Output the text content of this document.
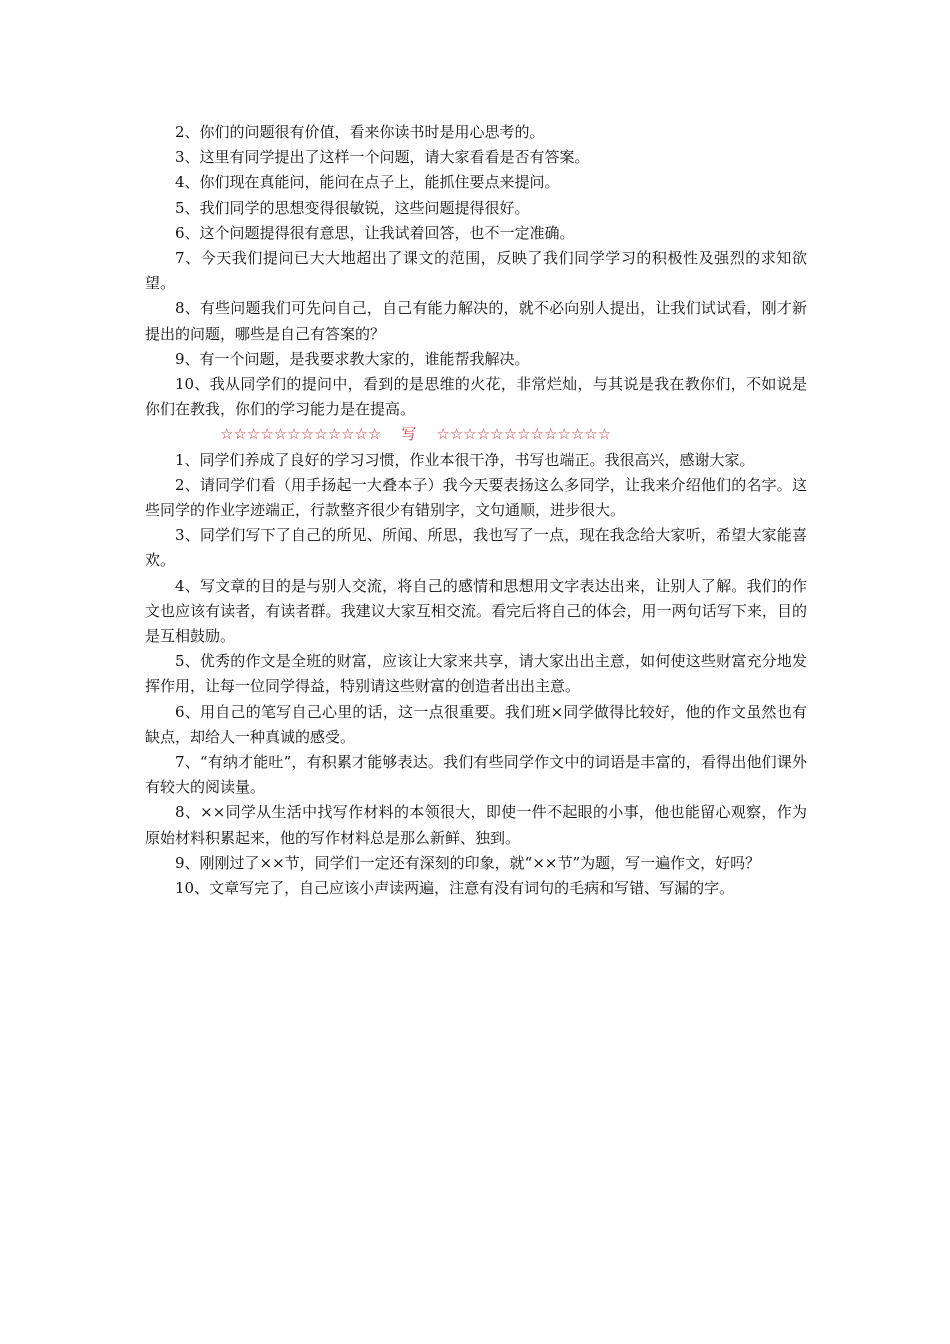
2、你们的问题很有价值，看来你读书时是用心思考的。

3、这里有同学提出了这样一个问题，请大家看看是否有答案。

4、你们现在真能问，能问在点子上，能抓住要点来提问。

5、我们同学的思想变得很敏锐，这些问题提得很好。

6、这个问题提得很有意思，让我试着回答，也不一定准确。

7、今天我们提问已大大地超出了课文的范围，反映了我们同学学习的积极性及强烈的求知欲望。

8、有些问题我们可先问自己，自己有能力解决的，就不必向别人提出，让我们试试看，刚才新提出的问题，哪些是自己有答案的？

9、有一个问题，是我要求教大家的，谁能帮我解决。

10、我从同学们的提问中，看到的是思维的火花，非常烂灿，与其说是我在教你们，不如说是你们在教我，你们的学习能力是在提高。

☆☆☆☆☆☆☆☆☆☆☆☆ 写 ☆☆☆☆☆☆☆☆☆☆☆☆☆

1、同学们养成了良好的学习习惯，作业本很干净，书写也端正。我很高兴，感谢大家。

2、请同学们看（用手扬起一大叠本子）我今天要表扬这么多同学，让我来介绍他们的名字。这些同学的作业字迹端正，行款整齐很少有错别字，文句通顺，进步很大。

3、同学们写下了自己的所见、所闻、所思，我也写了一点，现在我念给大家听，希望大家能喜欢。

4、写文章的目的是与别人交流，将自己的感情和思想用文字表达出来，让别人了解。我们的作文也应该有读者，有读者群。我建议大家互相交流。看完后将自己的体会，用一两句话写下来，目的是互相鼓励。

5、优秀的作文是全班的财富，应该让大家来共享，请大家出出主意，如何使这些财富充分地发挥作用，让每一位同学得益，特别请这些财富的创造者出出主意。

6、用自己的笔写自己心里的话，这一点很重要。我们班×同学做得比较好，他的作文虽然也有缺点，却给人一种真诚的感受。

7、“有纳才能吐”，有积累才能够表达。我们有些同学作文中的词语是丰富的，看得出他们课外有较大的阅读量。

8、××同学从生活中找写作材料的本领很大，即使一件不起眼的小事，他也能留心观察，作为原始材料积累起来，他的写作材料总是那么新鲜、独到。

9、刚刚过了××节，同学们一定还有深刻的印象，就“××节”为题，写一遍作文，好吗？

10、文章写完了，自己应该小声读两遍，注意有没有词句的毛病和写错、写漏的字。
